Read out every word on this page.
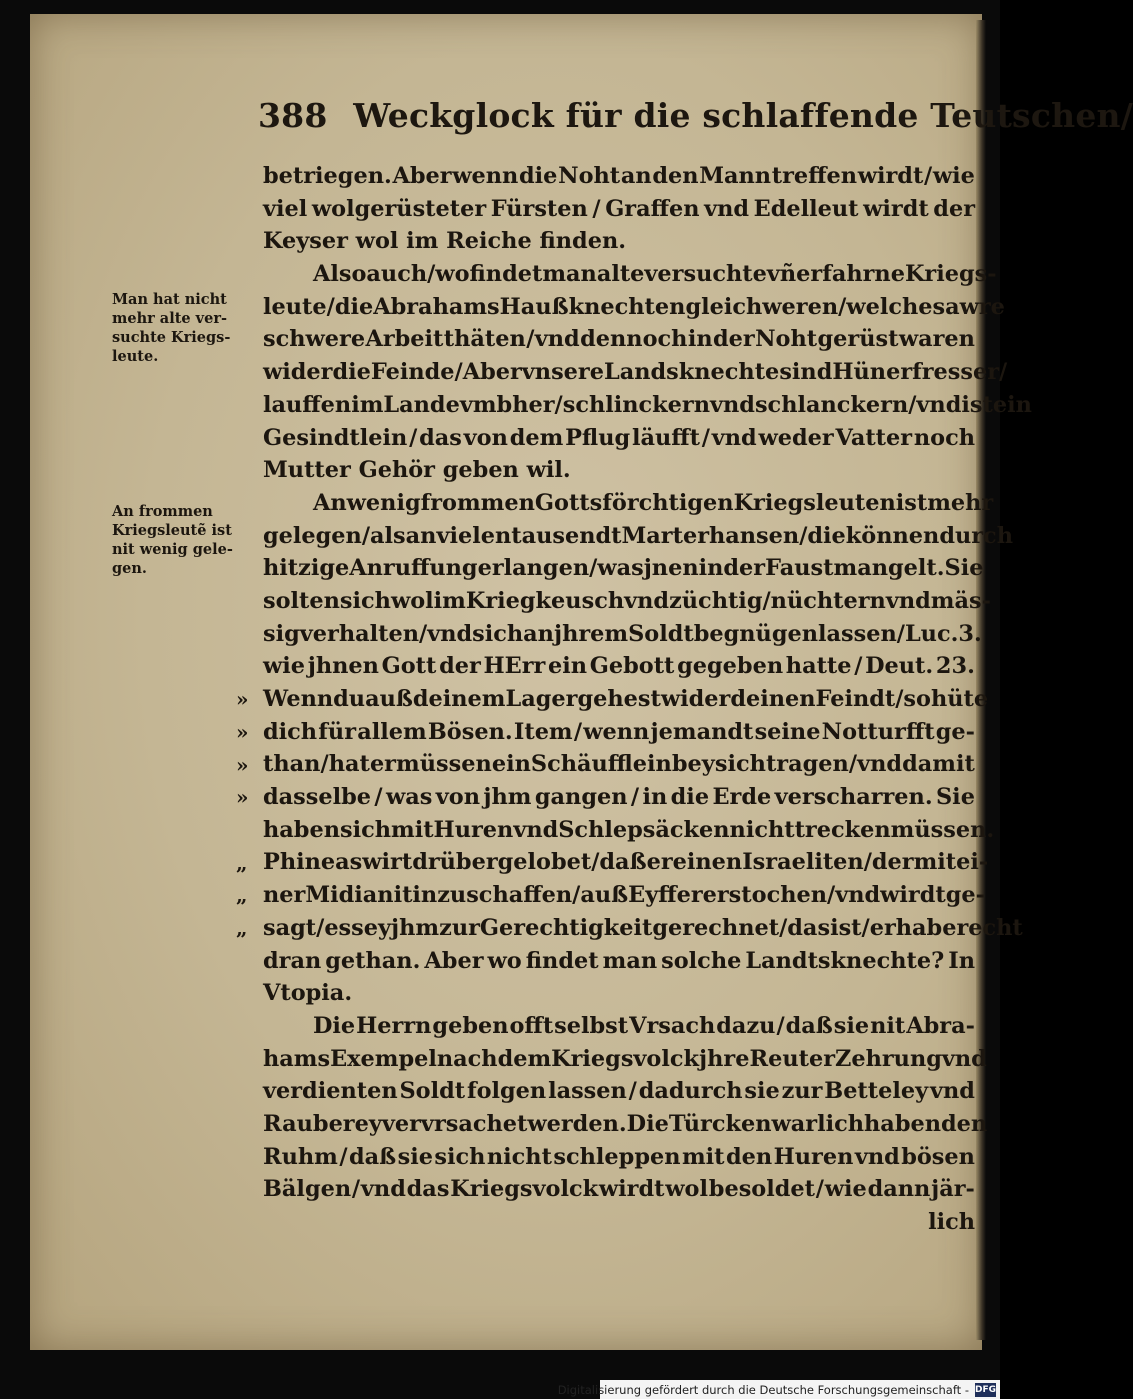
388 Weckglock für die schlaffende Teutschen/
betriegen. Aber wenn die Noht an den Mann treffen wirdt / wie
viel wolgerüsteter Fürsten / Graffen vnd Edelleut wirdt der
Keyser wol im Reiche finden.
Also auch/wo findet man alte versuchte vñ erfahrne Kriegs-
leute / die Abrahams Haußknechten gleich weren / welche sawre
schwere Arbeit thäten / vnd dennoch in der Noht gerüst waren
wider die Feinde / Aber vnsere Landsknechte sind Hünerfresser/
lauffen im Lande vmbher / schlinckern vnd schlanckern/vnd ist ein
Gesindtlein / das von dem Pflug läufft / vnd weder Vatter noch
Mutter Gehör geben wil.
An wenig frommen Gottsförchtigen Kriegsleuten ist mehr
gelegen / als an vielen tausendt Marterhansen / die können durch
hitzige Anruffung erlangen / was jnen in der Faust mangelt. Sie
solten sich wol im Krieg keusch vnd züchtig / nüchtern vnd mäs-
sig verhalten / vnd sich an jhrem Soldt begnügen lassen / Luc. 3.
wie jhnen Gott der HErr ein Gebott gegeben hatte / Deut. 23.
Wenn du auß deinem Lager gehest wider deinen Feindt / so hüte
dich für allem Bösen. Item / wenn jemandt seine Notturfft ge-
than / hat er müssen ein Schäufflein bey sich tragen / vnd damit
dasselbe / was von jhm gangen / in die Erde verscharren. Sie
haben sich mit Huren vnd Schlepsäcken nicht trecken müssen.
Phineas wirt drüber gelobet / daß er einen Israeliten / der mit ei-
ner Midianitin zu schaffen / auß Eyffer erstochen / vnd wirdt ge-
sagt / es sey jhm zur Gerechtigkeit gerechnet / das ist / er habe recht
dran gethan. Aber wo findet man solche Landtsknechte? In
Vtopia.
Die Herrn geben offt selbst Vrsach dazu / daß sie nit Abra-
hams Exempel nach dem Kriegsvolck jhre Reuter Zehrung vnd
verdienten Soldt folgen lassen / dadurch sie zur Betteley vnd
Rauberey vervrsachet werden. Die Türcken warlich haben den
Ruhm / daß sie sich nicht schleppen mit den Huren vnd bösen
Bälgen / vnd das Kriegsvolck wirdt wol besoldet / wie dann jär-
lich
Man hat nicht
mehr alte ver-
suchte Kriegs-
leute.
An frommen
Kriegsleutẽ ist
nit wenig gele-
gen.
»
»
»
»
„
„
„
Digitalisierung gefördert durch die Deutsche Forschungsgemeinschaft - DFG
